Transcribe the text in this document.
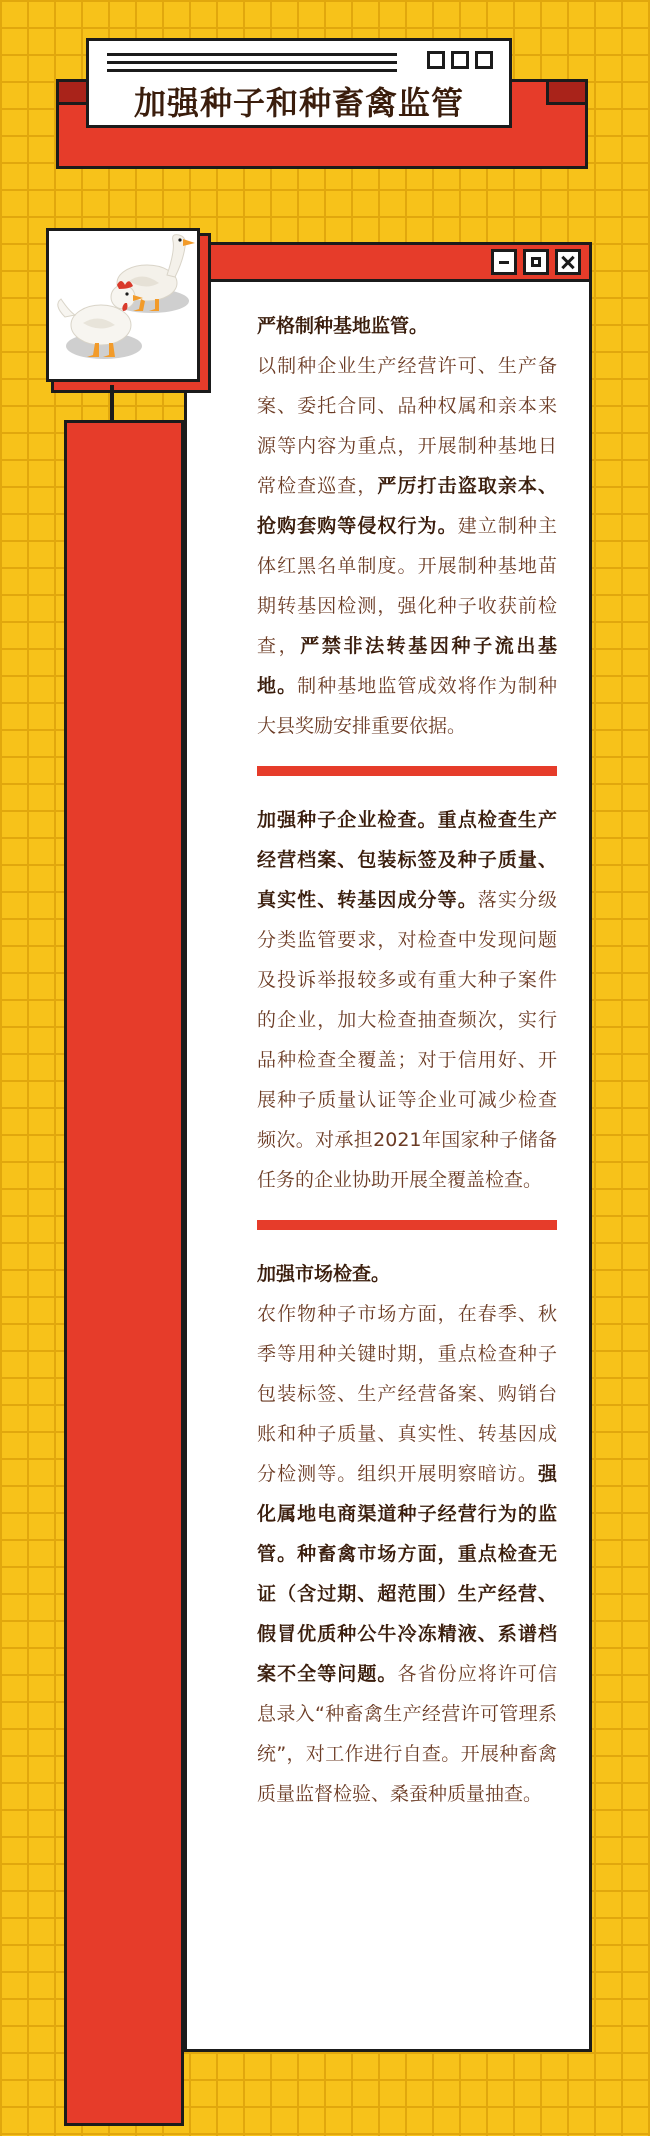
加强种子和种畜禽监管

严格制种基地监管。
以制种企业生产经营许可、生产备案、委托合同、品种权属和亲本来源等内容为重点，开展制种基地日常检查巡查，严厉打击盗取亲本、抢购套购等侵权行为。建立制种主体红黑名单制度。开展制种基地苗期转基因检测，强化种子收获前检查，严禁非法转基因种子流出基地。制种基地监管成效将作为制种大县奖励安排重要依据。

加强种子企业检查。重点检查生产经营档案、包装标签及种子质量、真实性、转基因成分等。落实分级分类监管要求，对检查中发现问题及投诉举报较多或有重大种子案件的企业，加大检查抽查频次，实行品种检查全覆盖；对于信用好、开展种子质量认证等企业可减少检查频次。对承担2021年国家种子储备任务的企业协助开展全覆盖检查。

加强市场检查。
农作物种子市场方面，在春季、秋季等用种关键时期，重点检查种子包装标签、生产经营备案、购销台账和种子质量、真实性、转基因成分检测等。组织开展明察暗访。强化属地电商渠道种子经营行为的监管。种畜禽市场方面，重点检查无证（含过期、超范围）生产经营、假冒优质种公牛冷冻精液、系谱档案不全等问题。各省份应将许可信息录入“种畜禽生产经营许可管理系统”，对工作进行自查。开展种畜禽质量监督检验、桑蚕种质量抽查。
